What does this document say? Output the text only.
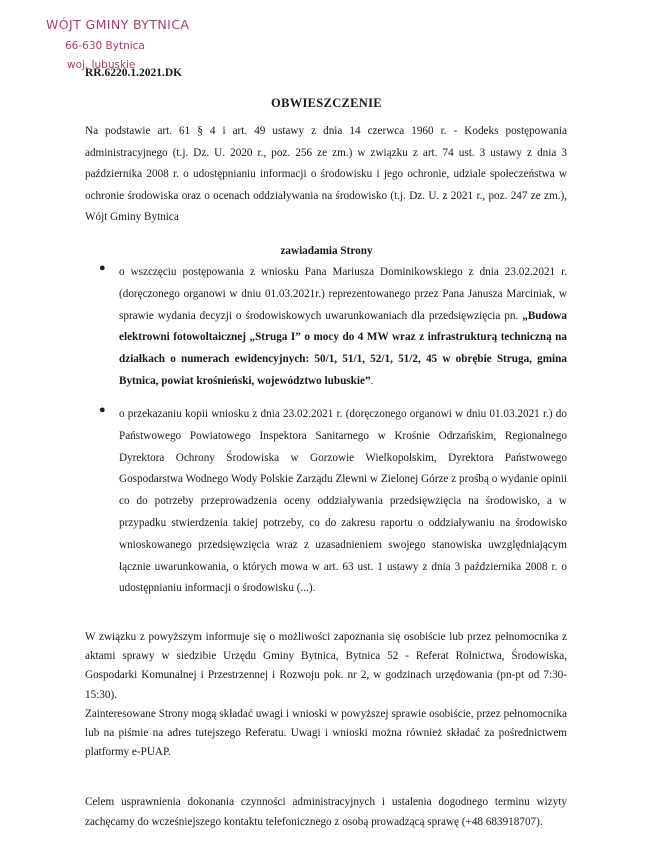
WÓJT GMINY BYTNICA
66-630 Bytnica
woj. lubuskie
RR.6220.1.2021.DK
OBWIESZCZENIE
Na podstawie art. 61 § 4 i art. 49 ustawy z dnia 14 czerwca 1960 r. - Kodeks postępowania administracyjnego (t.j. Dz. U. 2020 r., poz. 256 ze zm.) w związku z art. 74 ust. 3 ustawy z dnia 3 października 2008 r. o udostępnianiu informacji o środowisku i jego ochronie, udziale społeczeństwa w ochronie środowiska oraz o ocenach oddziaływania na środowisko (t.j. Dz. U. z 2021 r., poz. 247 ze zm.), Wójt Gminy Bytnica
zawiadamia Strony
● o wszczęciu postępowania z wniosku Pana Mariusza Dominikowskiego z dnia 23.02.2021 r. (doręczonego organowi w dniu 01.03.2021r.) reprezentowanego przez Pana Janusza Marciniak, w sprawie wydania decyzji o środowiskowych uwarunkowaniach dla przedsięwzięcia pn. „Budowa elektrowni fotowoltaicznej „Struga I” o mocy do 4 MW wraz z infrastrukturą techniczną na działkach o numerach ewidencyjnych: 50/1, 51/1, 52/1, 51/2, 45 w obrębie Struga, gmina Bytnica, powiat krośnieński, województwo lubuskie”.
● o przekazaniu kopii wniosku z dnia 23.02.2021 r. (doręczonego organowi w dniu 01.03.2021 r.) do Państwowego Powiatowego Inspektora Sanitarnego w Krośnie Odrzańskim, Regionalnego Dyrektora Ochrony Środowiska w Gorzowie Wielkopolskim, Dyrektora Państwowego Gospodarstwa Wodnego Wody Polskie Zarządu Zlewni w Zielonej Górze z prośbą o wydanie opinii co do potrzeby przeprowadzenia oceny oddziaływania przedsięwzięcia na środowisko, a w przypadku stwierdzenia takiej potrzeby, co do zakresu raportu o oddziaływaniu na środowisko wnioskowanego przedsięwzięcia wraz z uzasadnieniem swojego stanowiska uwzględniającym łącznie uwarunkowania, o których mowa w art. 63 ust. 1 ustawy z dnia 3 października 2008 r. o udostępnianiu informacji o środowisku (...).
W związku z powyższym informuje się o możliwości zapoznania się osobiście lub przez pełnomocnika z aktami sprawy w siedzibie Urzędu Gminy Bytnica, Bytnica 52 - Referat Rolnictwa, Środowiska, Gospodarki Komunalnej i Przestrzennej i Rozwoju pok. nr 2, w godzinach urzędowania (pn-pt od 7:30-15:30).
Zainteresowane Strony mogą składać uwagi i wnioski w powyższej sprawie osobiście, przez pełnomocnika lub na piśmie na adres tutejszego Referatu. Uwagi i wnioski można również składać za pośrednictwem platformy e-PUAP.
Celem usprawnienia dokonania czynności administracyjnych i ustalenia dogodnego terminu wizyty zachęcamy do wcześniejszego kontaktu telefonicznego z osobą prowadzącą sprawę (+48 683918707).
